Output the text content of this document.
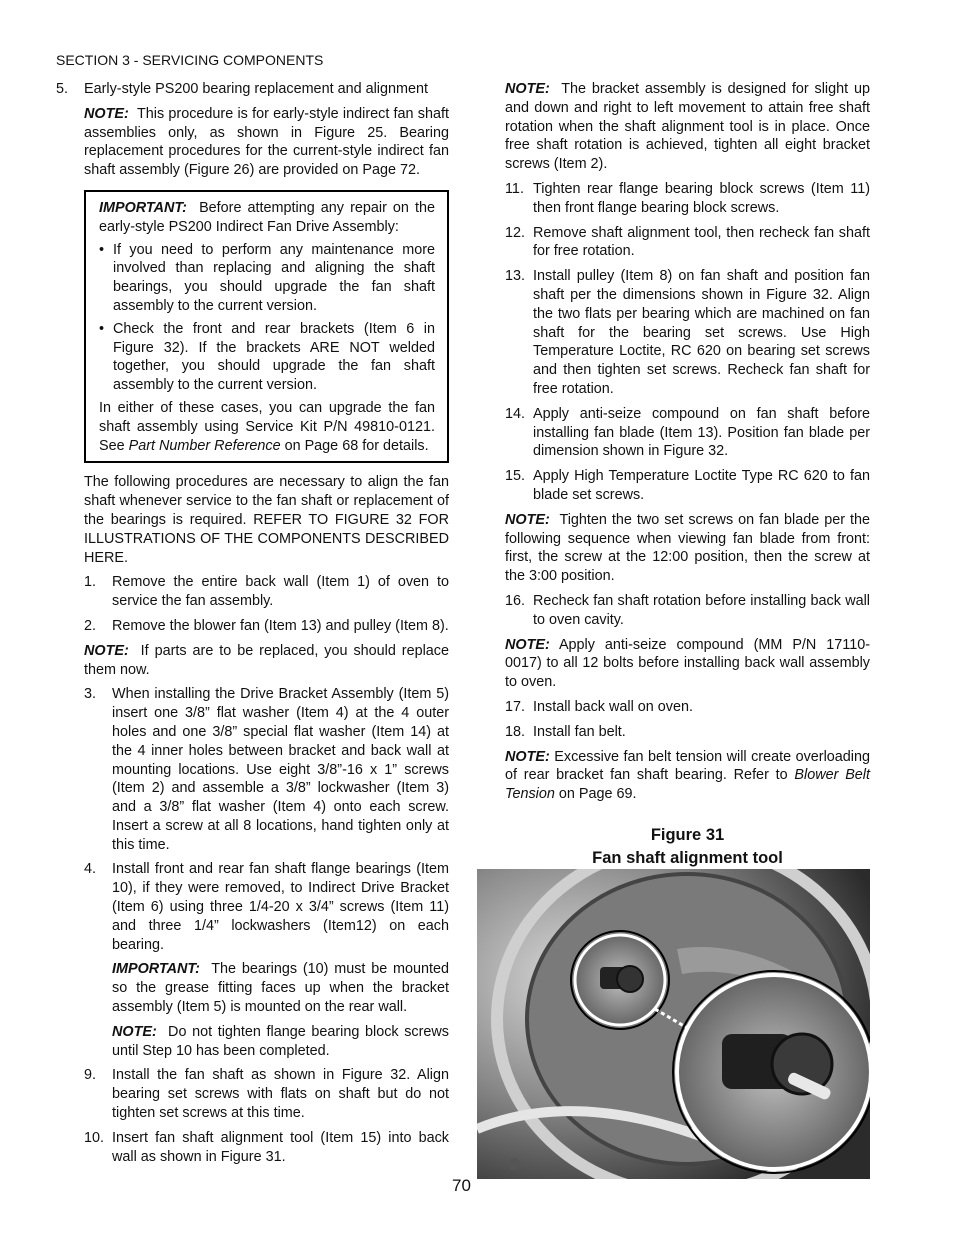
SECTION 3 - SERVICING COMPONENTS
5.	Early-style PS200 bearing replacement and alignment

NOTE: This procedure is for early-style indirect fan shaft assemblies only, as shown in Figure 25. Bearing replacement procedures for the current-style indirect fan shaft assembly (Figure 26) are provided on Page 72.

IMPORTANT: Before attempting any repair on the early-style PS200 Indirect Fan Drive Assembly:

• If you need to perform any maintenance more involved than replacing and aligning the shaft bearings, you should upgrade the fan shaft assembly to the current version.
• Check the front and rear brackets (Item 6 in Figure 32). If the brackets ARE NOT welded together, you should upgrade the fan shaft assembly to the current version.

In either of these cases, you can upgrade the fan shaft assembly using Service Kit P/N 49810-0121. See Part Number Reference on Page 68 for details.

The following procedures are necessary to align the fan shaft whenever service to the fan shaft or replacement of the bearings is required. REFER TO FIGURE 32 FOR ILLUSTRATIONS OF THE COMPONENTS DESCRIBED HERE.

1.	Remove the entire back wall (Item 1) of oven to service the fan assembly.
2.	Remove the blower fan (Item 13) and pulley (Item 8).

NOTE: If parts are to be replaced, you should replace them now.

3.	When installing the Drive Bracket Assembly (Item 5) insert one 3/8” flat washer (Item 4) at the 4 outer holes and one 3/8” special flat washer (Item 14) at the 4 inner holes between bracket and back wall at mounting locations. Use eight 3/8”-16 x 1” screws (Item 2) and assemble a 3/8” lockwasher (Item 3) and a 3/8” flat washer (Item 4) onto each screw. Insert a screw at all 8 locations, hand tighten only at this time.
4.	Install front and rear fan shaft flange bearings (Item 10), if they were removed, to Indirect Drive Bracket (Item 6) using three 1/4-20 x 3/4” screws (Item 11) and three 1/4” lockwashers (Item12) on each bearing.

IMPORTANT: The bearings (10) must be mounted so the grease fitting faces up when the bracket assembly (Item 5) is mounted on the rear wall.

NOTE: Do not tighten flange bearing block screws until Step 10 has been completed.

9.	Install the fan shaft as shown in Figure 32. Align bearing set screws with flats on shaft but do not tighten set screws at this time.
10. Insert fan shaft alignment tool (Item 15) into back wall as shown in Figure 31.

NOTE: The bracket assembly is designed for slight up and down and right to left movement to attain free shaft rotation when the shaft alignment tool is in place. Once free shaft rotation is achieved, tighten all eight bracket screws (Item 2).

11. Tighten rear flange bearing block screws (Item 11) then front flange bearing block screws.
12. Remove shaft alignment tool, then recheck fan shaft for free rotation.
13. Install pulley (Item 8) on fan shaft and position fan shaft per the dimensions shown in Figure 32. Align the two flats per bearing which are machined on fan shaft for the bearing set screws. Use High Temperature Loctite, RC 620 on bearing set screws and then tighten set screws. Recheck fan shaft for free rotation.
14. Apply anti-seize compound on fan shaft before installing fan blade (Item 13). Position fan blade per dimension shown in Figure 32.
15. Apply High Temperature Loctite Type RC 620 to fan blade set screws.

NOTE: Tighten the two set screws on fan blade per the following sequence when viewing fan blade from front: first, the screw at the 12:00 position, then the screw at the 3:00 position.

16. Recheck fan shaft rotation before installing back wall to oven cavity.

NOTE: Apply anti-seize compound (MM P/N 17110-0017) to all 12 bolts before installing back wall assembly to oven.

17. Install back wall on oven.
18. Install fan belt.

NOTE: Excessive fan belt tension will create overloading of rear bracket fan shaft bearing. Refer to Blower Belt Tension on Page 69.

Figure 31
Fan shaft alignment tool
70
